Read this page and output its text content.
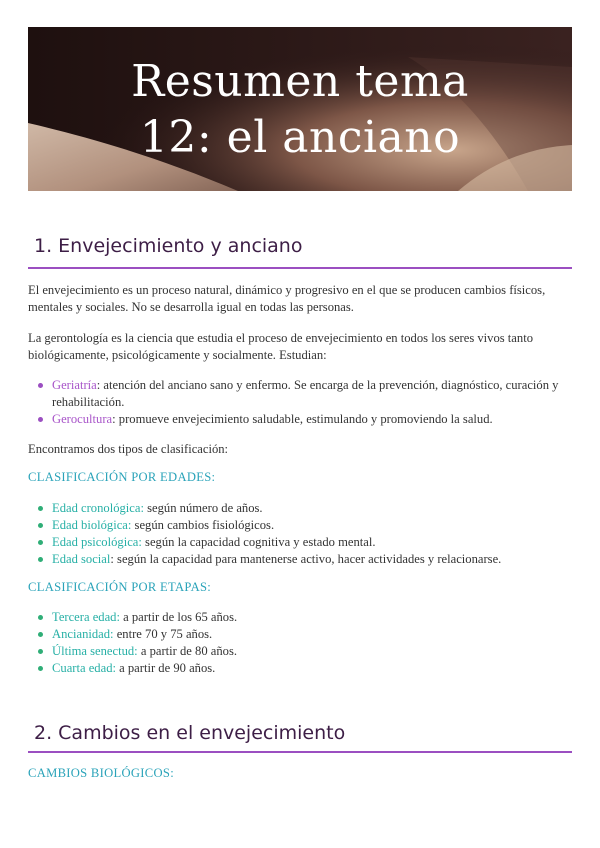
Resumen tema
12: el anciano
1. Envejecimiento y anciano
El envejecimiento es un proceso natural, dinámico y progresivo en el que se producen cambios físicos, mentales y sociales. No se desarrolla igual en todas las personas.
La gerontología es la ciencia que estudia el proceso de envejecimiento en todos los seres vivos tanto biológicamente, psicológicamente y socialmente. Estudian:
Geriatría: atención del anciano sano y enfermo. Se encarga de la prevención, diagnóstico, curación y rehabilitación.
Gerocultura: promueve envejecimiento saludable, estimulando y promoviendo la salud.
Encontramos dos tipos de clasificación:
CLASIFICACIÓN POR EDADES:
Edad cronológica: según número de años.
Edad biológica: según cambios fisiológicos.
Edad psicológica: según la capacidad cognitiva y estado mental.
Edad social: según la capacidad para mantenerse activo, hacer actividades y relacionarse.
CLASIFICACIÓN POR ETAPAS:
Tercera edad: a partir de los 65 años.
Ancianidad: entre 70 y 75 años.
Última senectud: a partir de 80 años.
Cuarta edad: a partir de 90 años.
2. Cambios en el envejecimiento
CAMBIOS BIOLÓGICOS:
